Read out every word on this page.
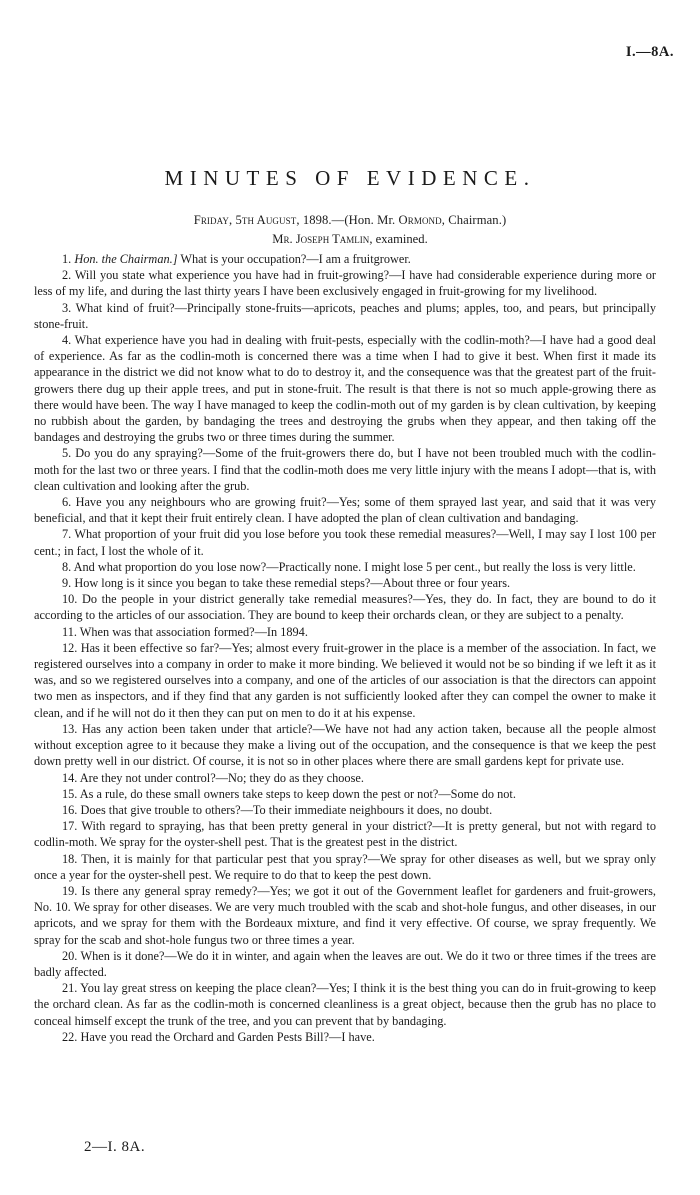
I.—8A.
MINUTES OF EVIDENCE.
Friday, 5th August, 1898.—(Hon. Mr. Ormond, Chairman.)
Mr. Joseph Tamlin, examined.

1. Hon. the Chairman.] What is your occupation?—I am a fruitgrower.

2. Will you state what experience you have had in fruit-growing?—I have had considerable experience during more or less of my life, and during the last thirty years I have been exclusively engaged in fruit-growing for my livelihood.

3. What kind of fruit?—Principally stone-fruits—apricots, peaches and plums; apples, too, and pears, but principally stone-fruit.

4. What experience have you had in dealing with fruit-pests, especially with the codlin-moth?—I have had a good deal of experience. As far as the codlin-moth is concerned there was a time when I had to give it best. When first it made its appearance in the district we did not know what to do to destroy it, and the consequence was that the greatest part of the fruit-growers there dug up their apple trees, and put in stone-fruit. The result is that there is not so much apple-growing there as there would have been. The way I have managed to keep the codlin-moth out of my garden is by clean cultivation, by keeping no rubbish about the garden, by bandaging the trees and destroying the grubs when they appear, and then taking off the bandages and destroying the grubs two or three times during the summer.

5. Do you do any spraying?—Some of the fruit-growers there do, but I have not been troubled much with the codlin-moth for the last two or three years. I find that the codlin-moth does me very little injury with the means I adopt—that is, with clean cultivation and looking after the grub.

6. Have you any neighbours who are growing fruit?—Yes; some of them sprayed last year, and said that it was very beneficial, and that it kept their fruit entirely clean. I have adopted the plan of clean cultivation and bandaging.

7. What proportion of your fruit did you lose before you took these remedial measures?—Well, I may say I lost 100 per cent.; in fact, I lost the whole of it.

8. And what proportion do you lose now?—Practically none. I might lose 5 per cent., but really the loss is very little.

9. How long is it since you began to take these remedial steps?—About three or four years.

10. Do the people in your district generally take remedial measures?—Yes, they do. In fact, they are bound to do it according to the articles of our association. They are bound to keep their orchards clean, or they are subject to a penalty.

11. When was that association formed?—In 1894.

12. Has it been effective so far?—Yes; almost every fruit-grower in the place is a member of the association. In fact, we registered ourselves into a company in order to make it more binding. We believed it would not be so binding if we left it as it was, and so we registered ourselves into a company, and one of the articles of our association is that the directors can appoint two men as inspectors, and if they find that any garden is not sufficiently looked after they can compel the owner to make it clean, and if he will not do it then they can put on men to do it at his expense.

13. Has any action been taken under that article?—We have not had any action taken, because all the people almost without exception agree to it because they make a living out of the occupation, and the consequence is that we keep the pest down pretty well in our district. Of course, it is not so in other places where there are small gardens kept for private use.

14. Are they not under control?—No; they do as they choose.

15. As a rule, do these small owners take steps to keep down the pest or not?—Some do not.

16. Does that give trouble to others?—To their immediate neighbours it does, no doubt.

17. With regard to spraying, has that been pretty general in your district?—It is pretty general, but not with regard to codlin-moth. We spray for the oyster-shell pest. That is the greatest pest in the district.

18. Then, it is mainly for that particular pest that you spray?—We spray for other diseases as well, but we spray only once a year for the oyster-shell pest. We require to do that to keep the pest down.

19. Is there any general spray remedy?—Yes; we got it out of the Government leaflet for gardeners and fruit-growers, No. 10. We spray for other diseases. We are very much troubled with the scab and shot-hole fungus, and other diseases, in our apricots, and we spray for them with the Bordeaux mixture, and find it very effective. Of course, we spray frequently. We spray for the scab and shot-hole fungus two or three times a year.

20. When is it done?—We do it in winter, and again when the leaves are out. We do it two or three times if the trees are badly affected.

21. You lay great stress on keeping the place clean?—Yes; I think it is the best thing you can do in fruit-growing to keep the orchard clean. As far as the codlin-moth is concerned cleanliness is a great object, because then the grub has no place to conceal himself except the trunk of the tree, and you can prevent that by bandaging.

22. Have you read the Orchard and Garden Pests Bill?—I have.

2—I. 8A.
